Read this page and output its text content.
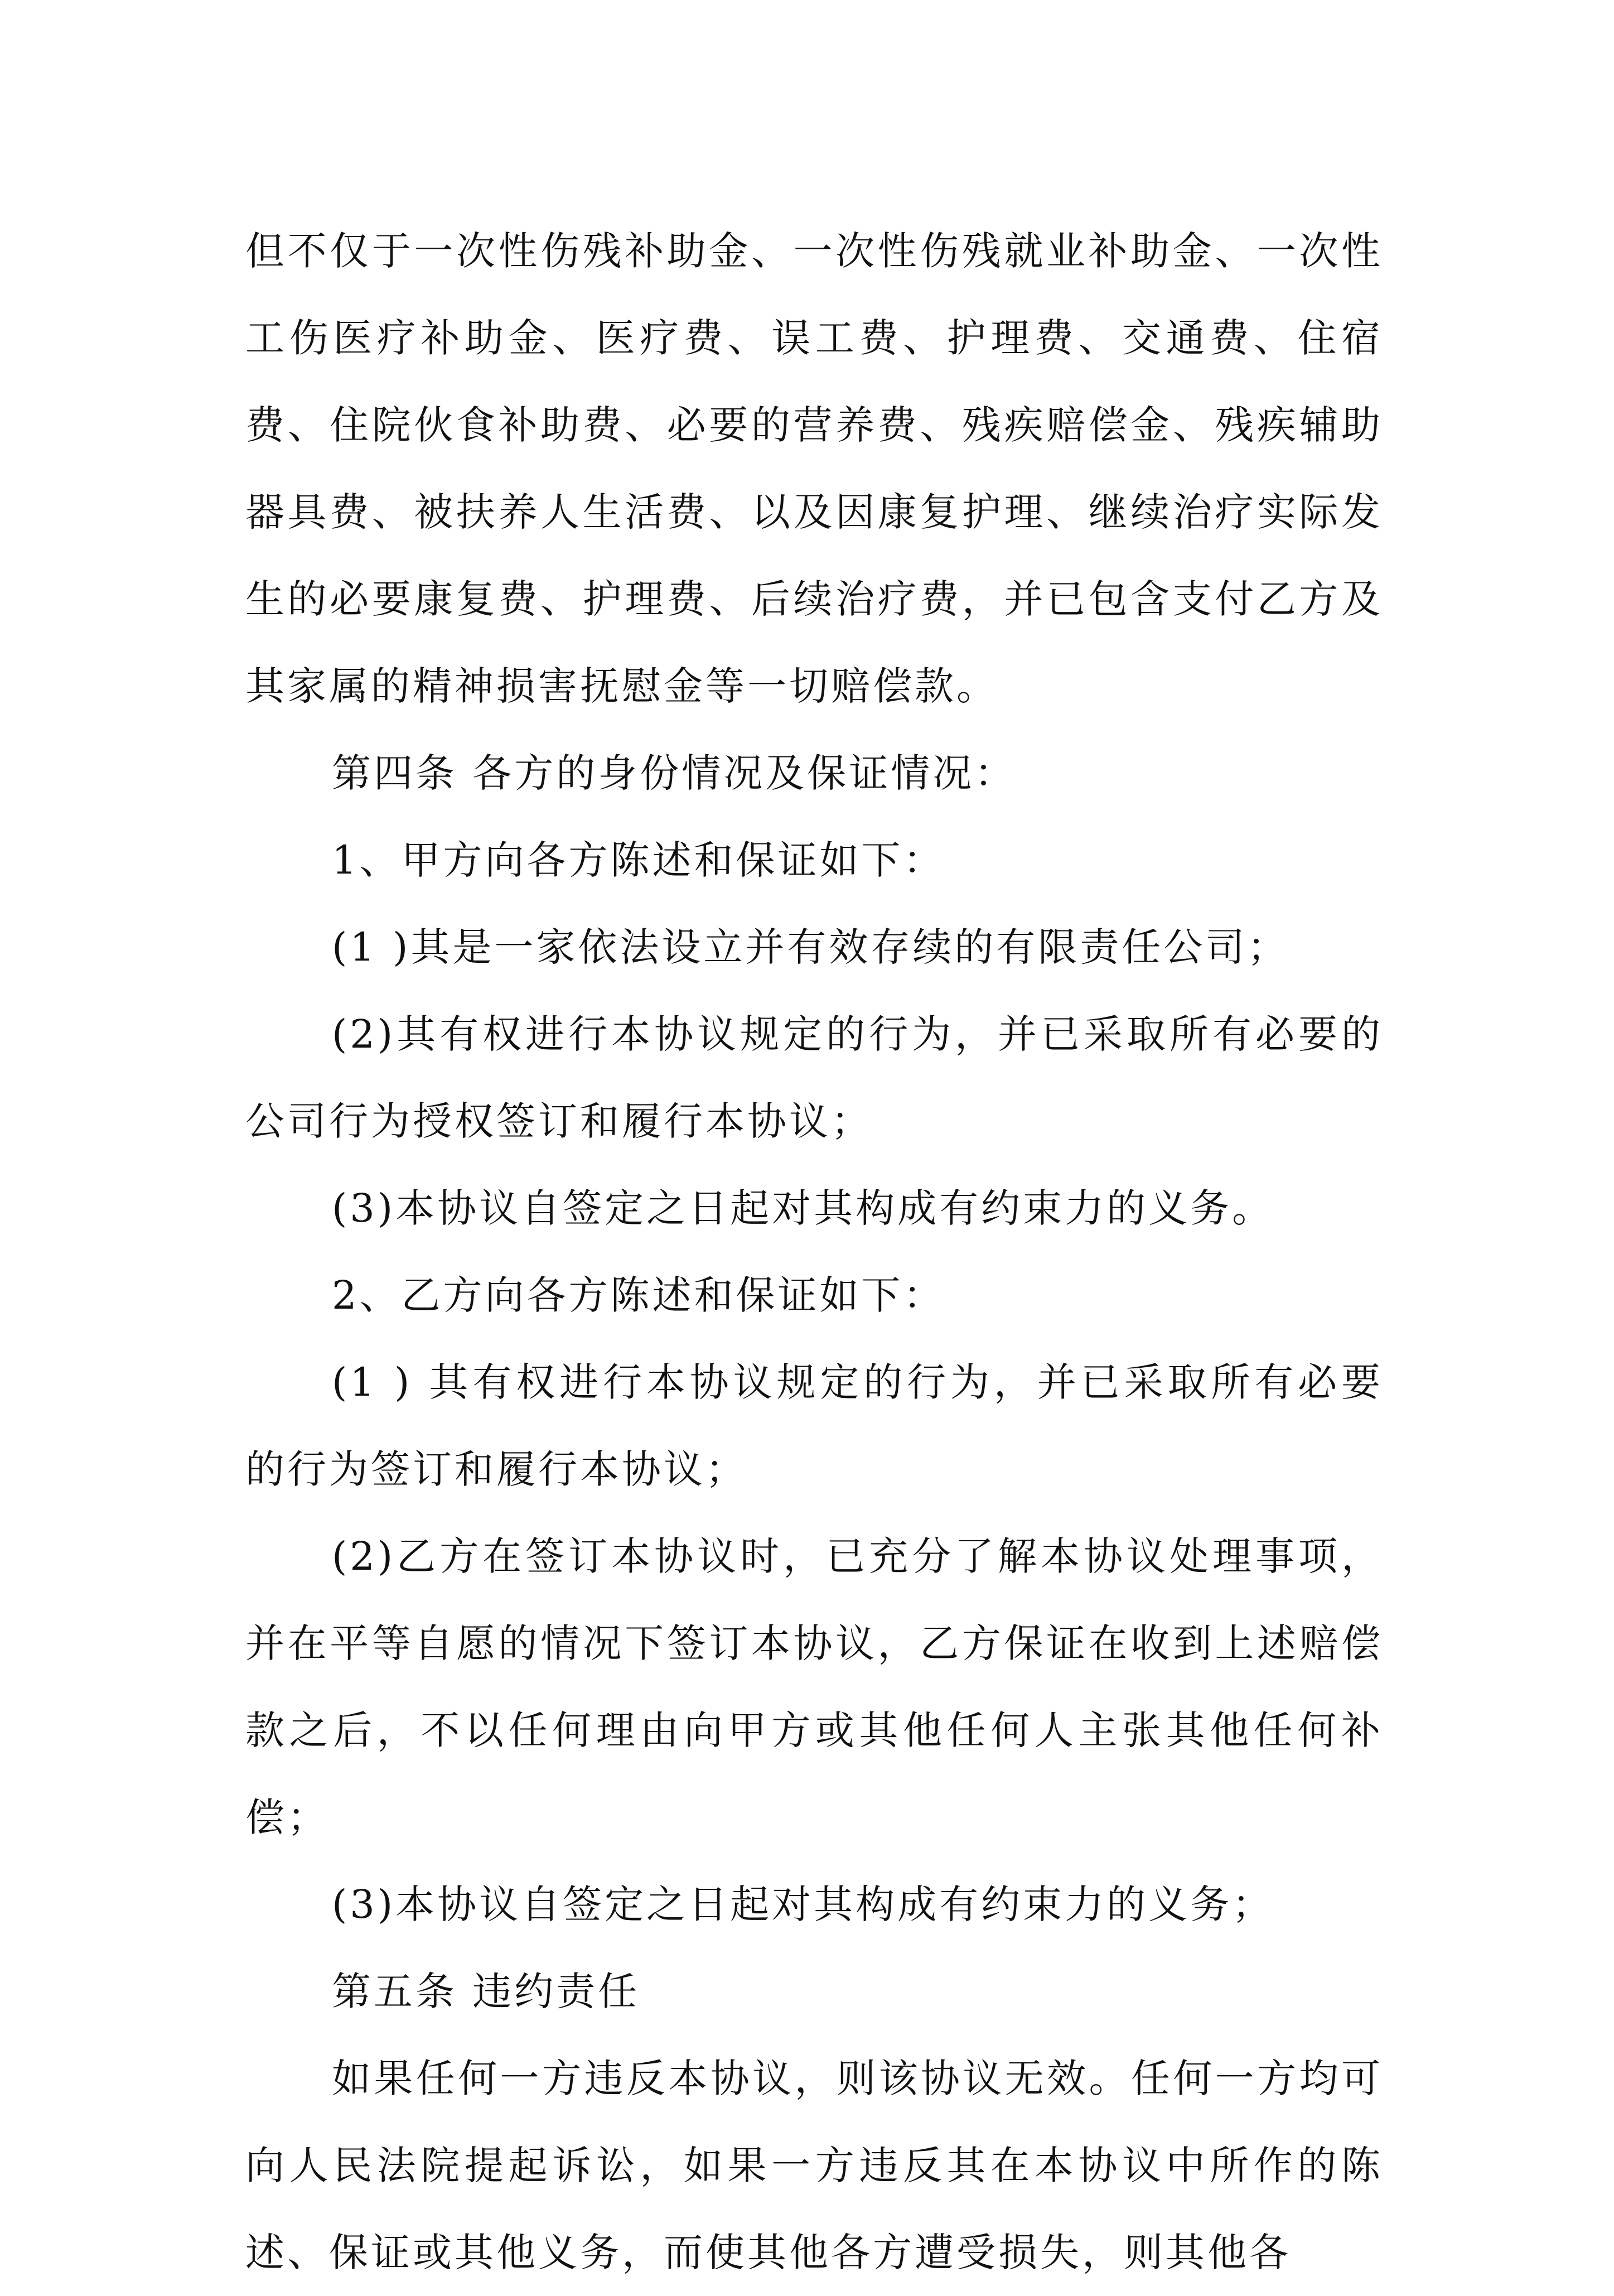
但不仅于一次性伤残补助金、一次性伤残就业补助金、一次性工伤医疗补助金、医疗费、误工费、护理费、交通费、住宿费、住院伙食补助费、必要的营养费、残疾赔偿金、残疾辅助器具费、被扶养人生活费、以及因康复护理、继续治疗实际发生的必要康复费、护理费、后续治疗费，并已包含支付乙方及其家属的精神损害抚慰金等一切赔偿款。

第四条 各方的身份情况及保证情况：

1、甲方向各方陈述和保证如下：

(1 )其是一家依法设立并有效存续的有限责任公司；

(2)其有权进行本协议规定的行为，并已采取所有必要的公司行为授权签订和履行本协议；

(3)本协议自签定之日起对其构成有约束力的义务。

2、乙方向各方陈述和保证如下：

(1 ) 其有权进行本协议规定的行为，并已采取所有必要的行为签订和履行本协议；

(2)乙方在签订本协议时，已充分了解本协议处理事项，并在平等自愿的情况下签订本协议，乙方保证在收到上述赔偿款之后，不以任何理由向甲方或其他任何人主张其他任何补偿；

(3)本协议自签定之日起对其构成有约束力的义务；

第五条 违约责任

如果任何一方违反本协议，则该协议无效。任何一方均可向人民法院提起诉讼，如果一方违反其在本协议中所作的陈述、保证或其他义务，而使其他各方遭受损失，则其他各
